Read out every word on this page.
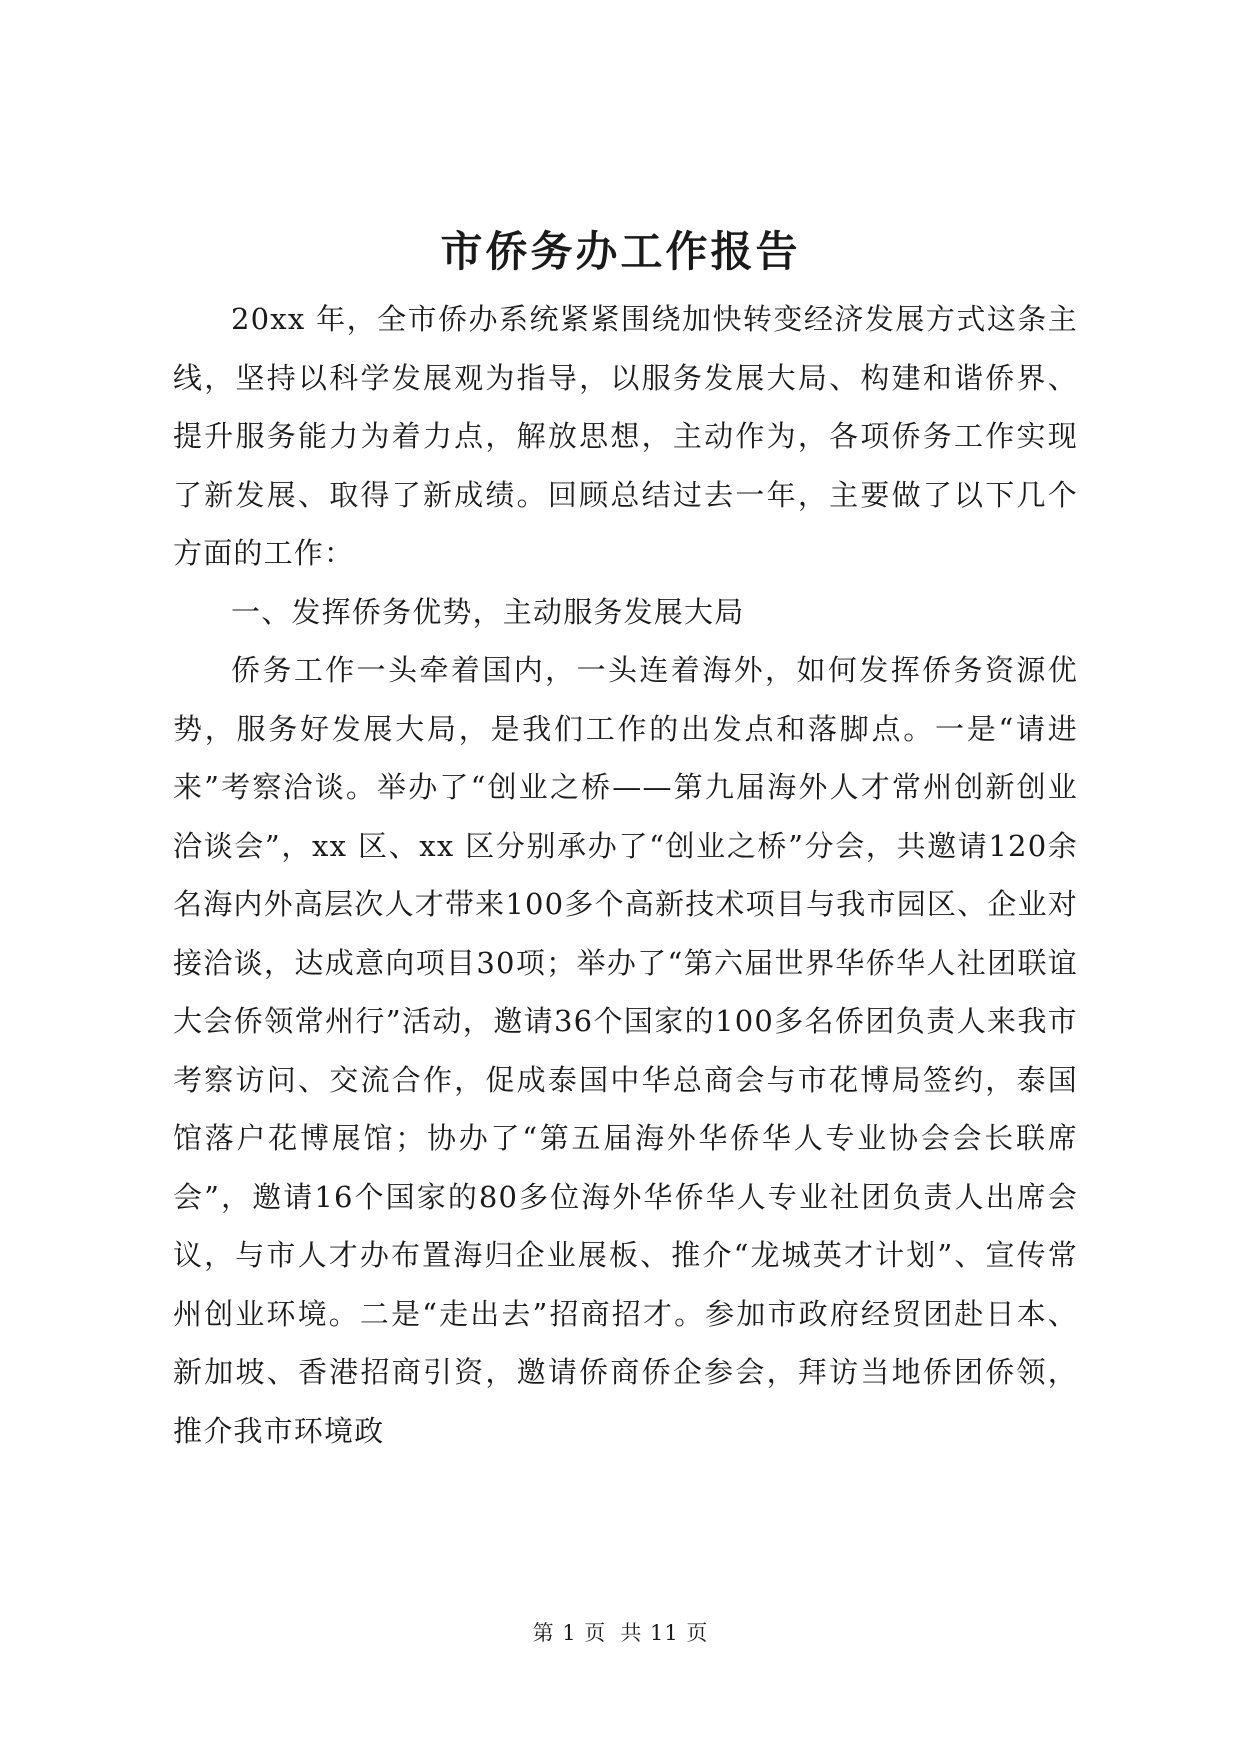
市侨务办工作报告

20xx 年，全市侨办系统紧紧围绕加快转变经济发展方式这条主线，坚持以科学发展观为指导，以服务发展大局、构建和谐侨界、提升服务能力为着力点，解放思想，主动作为，各项侨务工作实现了新发展、取得了新成绩。回顾总结过去一年，主要做了以下几个方面的工作：

一、发挥侨务优势，主动服务发展大局

侨务工作一头牵着国内，一头连着海外，如何发挥侨务资源优势，服务好发展大局，是我们工作的出发点和落脚点。一是“请进来”考察洽谈。举办了“创业之桥——第九届海外人才常州创新创业洽谈会”，xx 区、xx 区分别承办了“创业之桥”分会，共邀请120余名海内外高层次人才带来100多个高新技术项目与我市园区、企业对接洽谈，达成意向项目30项；举办了“第六届世界华侨华人社团联谊大会侨领常州行”活动，邀请36个国家的100多名侨团负责人来我市考察访问、交流合作，促成泰国中华总商会与市花博局签约，泰国馆落户花博展馆；协办了“第五届海外华侨华人专业协会会长联席会”，邀请16个国家的80多位海外华侨华人专业社团负责人出席会议，与市人才办布置海归企业展板、推介“龙城英才计划”、宣传常州创业环境。二是“走出去”招商招才。参加市政府经贸团赴日本、新加坡、香港招商引资，邀请侨商侨企参会，拜访当地侨团侨领，推介我市环境政

第 1 页 共 11 页
